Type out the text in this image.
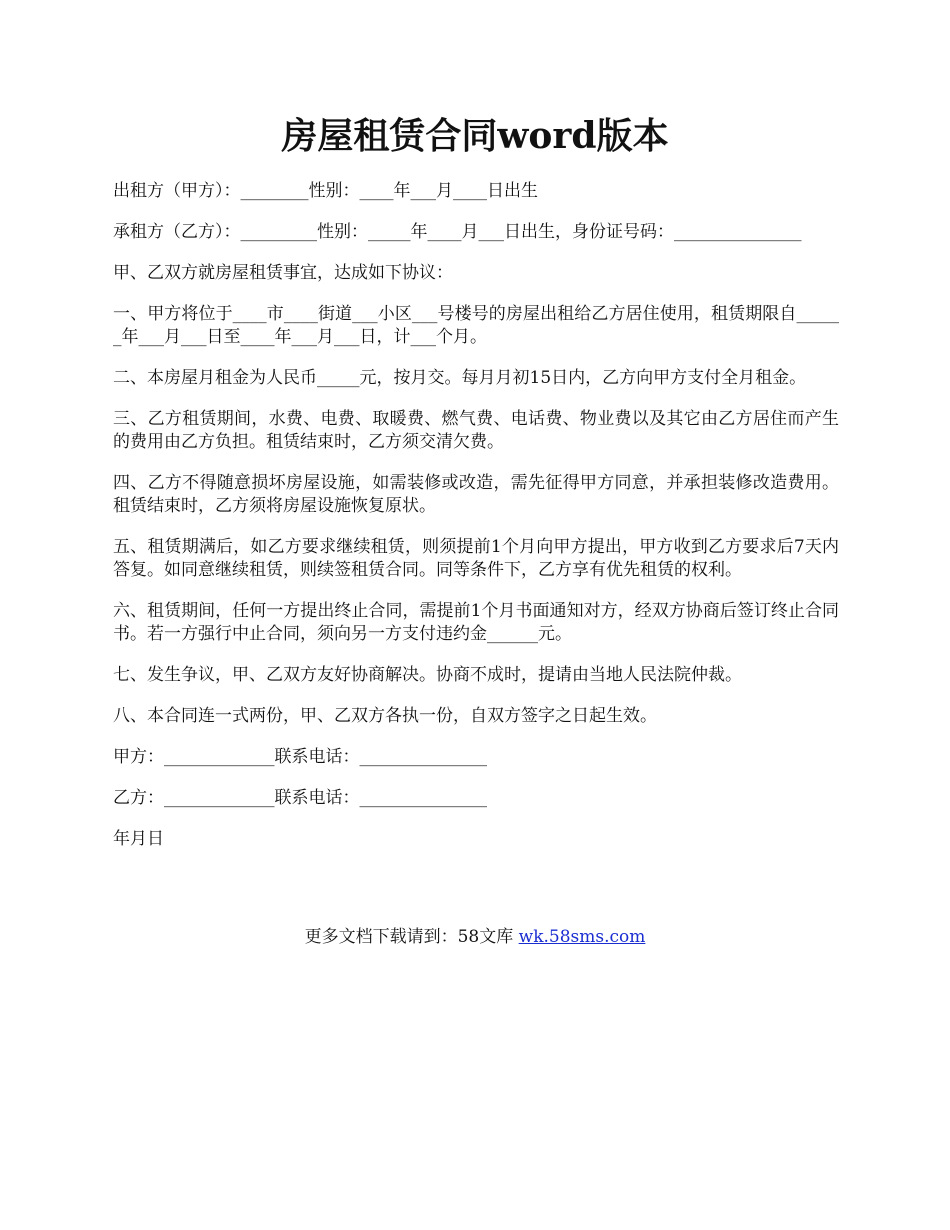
房屋租赁合同word版本

出租方（甲方）：________性别：____年___月____日出生

承租方（乙方）：_________性别：_____年____月___日出生，身份证号码：_______________

甲、乙双方就房屋租赁事宜，达成如下协议：

一、甲方将位于____市____街道___小区___号楼号的房屋出租给乙方居住使用，租赁期限自______年___月___日至____年___月___日，计___个月。

二、本房屋月租金为人民币_____元，按月交。每月月初15日内，乙方向甲方支付全月租金。

三、乙方租赁期间，水费、电费、取暖费、燃气费、电话费、物业费以及其它由乙方居住而产生的费用由乙方负担。租赁结束时，乙方须交清欠费。

四、乙方不得随意损坏房屋设施，如需装修或改造，需先征得甲方同意，并承担装修改造费用。租赁结束时，乙方须将房屋设施恢复原状。

五、租赁期满后，如乙方要求继续租赁，则须提前1个月向甲方提出，甲方收到乙方要求后7天内答复。如同意继续租赁，则续签租赁合同。同等条件下，乙方享有优先租赁的权利。

六、租赁期间，任何一方提出终止合同，需提前1个月书面通知对方，经双方协商后签订终止合同书。若一方强行中止合同，须向另一方支付违约金______元。

七、发生争议，甲、乙双方友好协商解决。协商不成时，提请由当地人民法院仲裁。

八、本合同连一式两份，甲、乙双方各执一份，自双方签字之日起生效。

甲方：_____________联系电话：_______________

乙方：_____________联系电话：_______________

年月日

更多文档下载请到：58文库 wk.58sms.com
